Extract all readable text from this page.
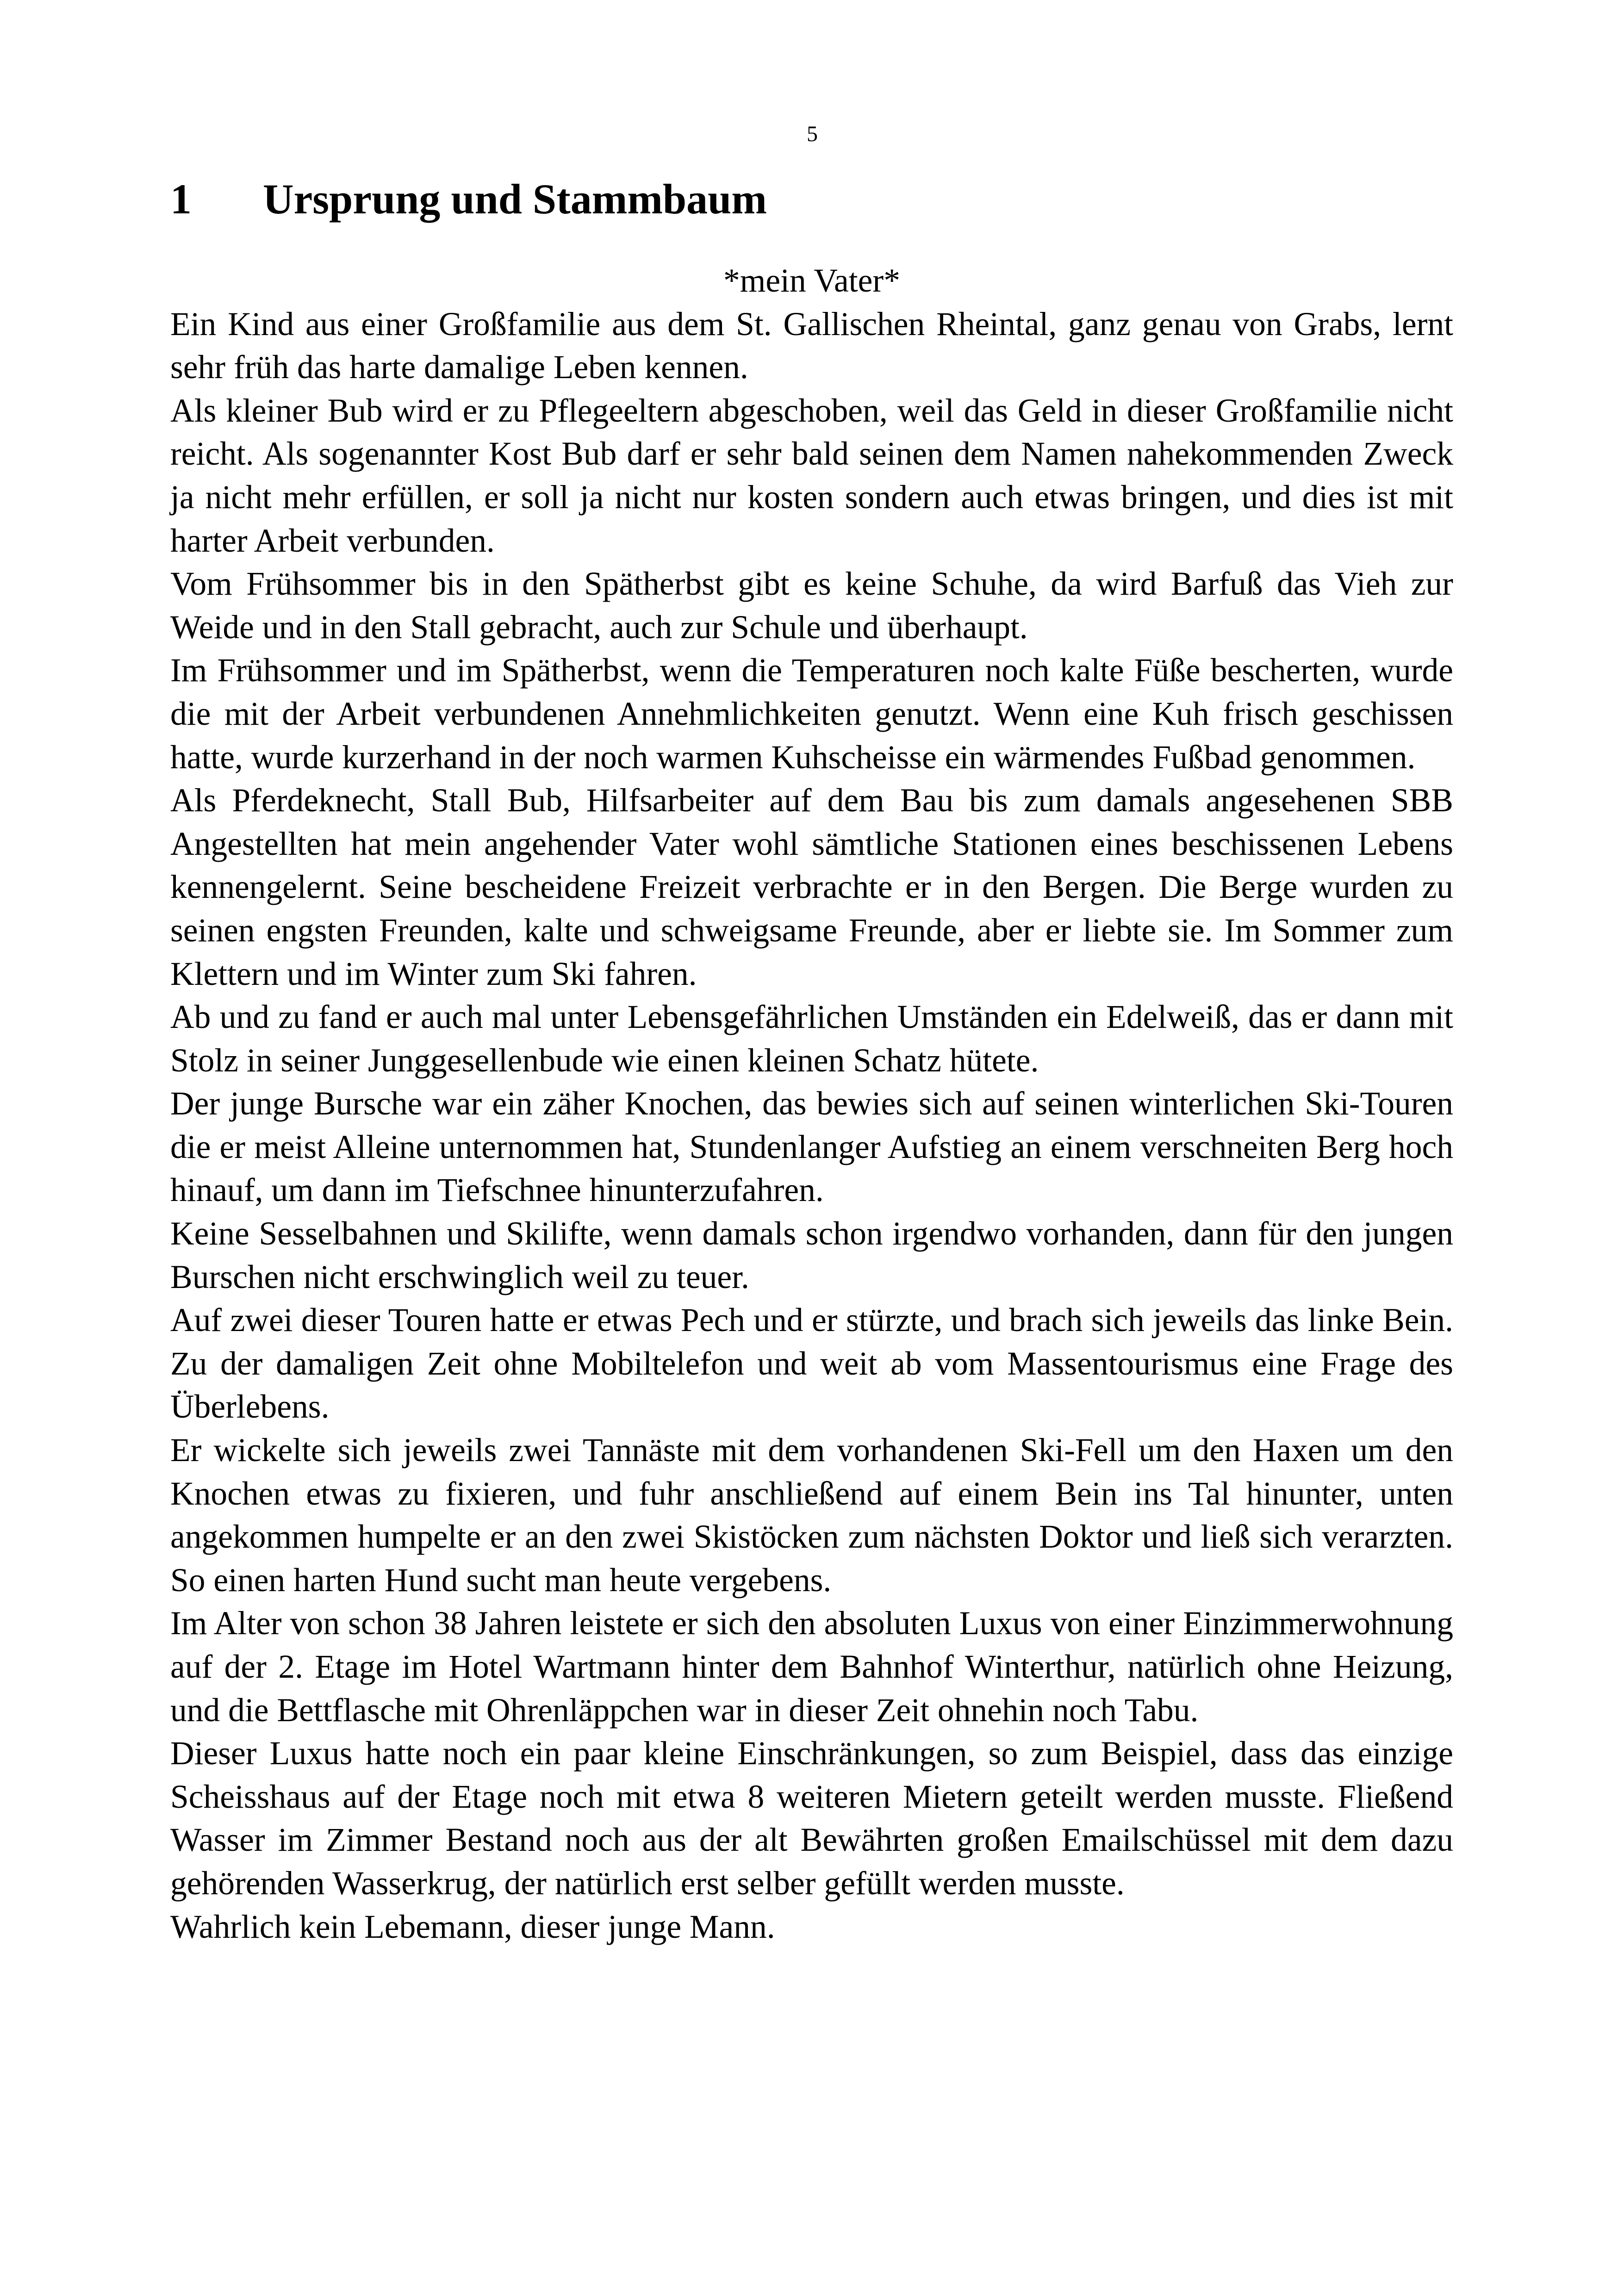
5
1 Ursprung und Stammbaum

*mein Vater*

Ein Kind aus einer Großfamilie aus dem St. Gallischen Rheintal, ganz genau von Grabs, lernt sehr früh das harte damalige Leben kennen.

Als kleiner Bub wird er zu Pflegeeltern abgeschoben, weil das Geld in dieser Großfamilie nicht reicht. Als sogenannter Kost Bub darf er sehr bald seinen dem Namen nahekommenden Zweck ja nicht mehr erfüllen, er soll ja nicht nur kosten sondern auch etwas bringen, und dies ist mit harter Arbeit verbunden.

Vom Frühsommer bis in den Spätherbst gibt es keine Schuhe, da wird Barfuß das Vieh zur Weide und in den Stall gebracht, auch zur Schule und überhaupt.

Im Frühsommer und im Spätherbst, wenn die Temperaturen noch kalte Füße bescherten, wurde die mit der Arbeit verbundenen Annehmlichkeiten genutzt. Wenn eine Kuh frisch geschissen hatte, wurde kurzerhand in der noch warmen Kuhscheisse ein wärmendes Fußbad genommen.

Als Pferdeknecht, Stall Bub, Hilfsarbeiter auf dem Bau bis zum damals angesehenen SBB Angestellten hat mein angehender Vater wohl sämtliche Stationen eines beschissenen Lebens kennengelernt. Seine bescheidene Freizeit verbrachte er in den Bergen. Die Berge wurden zu seinen engsten Freunden, kalte und schweigsame Freunde, aber er liebte sie. Im Sommer zum Klettern und im Winter zum Ski fahren.

Ab und zu fand er auch mal unter Lebensgefährlichen Umständen ein Edelweiß, das er dann mit Stolz in seiner Junggesellenbude wie einen kleinen Schatz hütete.

Der junge Bursche war ein zäher Knochen, das bewies sich auf seinen winterlichen Ski-Touren die er meist Alleine unternommen hat, Stundenlanger Aufstieg an einem verschneiten Berg hoch hinauf, um dann im Tiefschnee hinunterzufahren.

Keine Sesselbahnen und Skilifte, wenn damals schon irgendwo vorhanden, dann für den jungen Burschen nicht erschwinglich weil zu teuer.

Auf zwei dieser Touren hatte er etwas Pech und er stürzte, und brach sich jeweils das linke Bein. Zu der damaligen Zeit ohne Mobiltelefon und weit ab vom Massentourismus eine Frage des Überlebens.

Er wickelte sich jeweils zwei Tannäste mit dem vorhandenen Ski-Fell um den Haxen um den Knochen etwas zu fixieren, und fuhr anschließend auf einem Bein ins Tal hinunter, unten angekommen humpelte er an den zwei Skistöcken zum nächsten Doktor und ließ sich verarzten. So einen harten Hund sucht man heute vergebens.

Im Alter von schon 38 Jahren leistete er sich den absoluten Luxus von einer Einzimmerwohnung auf der 2. Etage im Hotel Wartmann hinter dem Bahnhof Winterthur, natürlich ohne Heizung, und die Bettflasche mit Ohrenläppchen war in dieser Zeit ohnehin noch Tabu.

Dieser Luxus hatte noch ein paar kleine Einschränkungen, so zum Beispiel, dass das einzige Scheisshaus auf der Etage noch mit etwa 8 weiteren Mietern geteilt werden musste. Fließend Wasser im Zimmer Bestand noch aus der alt Bewährten großen Emailschüssel mit dem dazu gehörenden Wasserkrug, der natürlich erst selber gefüllt werden musste.

Wahrlich kein Lebemann, dieser junge Mann.
